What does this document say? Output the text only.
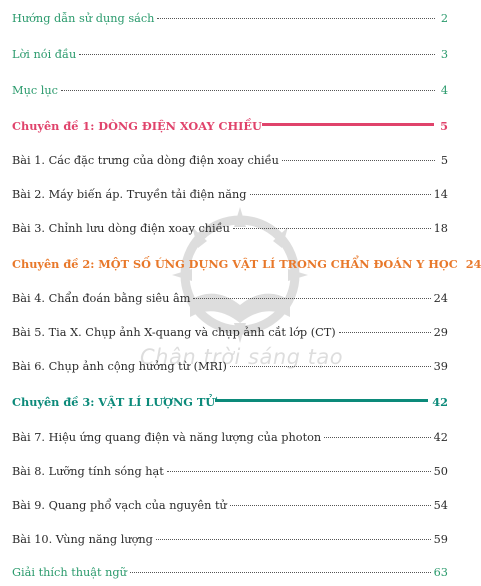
Chân trời sáng tạo
Hướng dẫn sử dụng sách	2
Lời nói đầu	3
Mục lục	4
Chuyên đề 1: DÒNG ĐIỆN XOAY CHIỀU	5
Bài 1. Các đặc trưng của dòng điện xoay chiều	5
Bài 2. Máy biến áp. Truyền tải điện năng	14
Bài 3. Chỉnh lưu dòng điện xoay chiều	18
Chuyên đề 2: MỘT SỐ ỨNG DỤNG VẬT LÍ TRONG CHẨN ĐOÁN Y HỌC 24
Bài 4. Chẩn đoán bằng siêu âm	24
Bài 5. Tia X. Chụp ảnh X-quang và chụp ảnh cắt lớp (CT)	29
Bài 6. Chụp ảnh cộng hưởng từ (MRI)	39
Chuyên đề 3: VẬT LÍ LƯỢNG TỬ	42
Bài 7. Hiệu ứng quang điện và năng lượng của photon	42
Bài 8. Lưỡng tính sóng hạt	50
Bài 9. Quang phổ vạch của nguyên tử	54
Bài 10. Vùng năng lượng	59
Giải thích thuật ngữ	63
